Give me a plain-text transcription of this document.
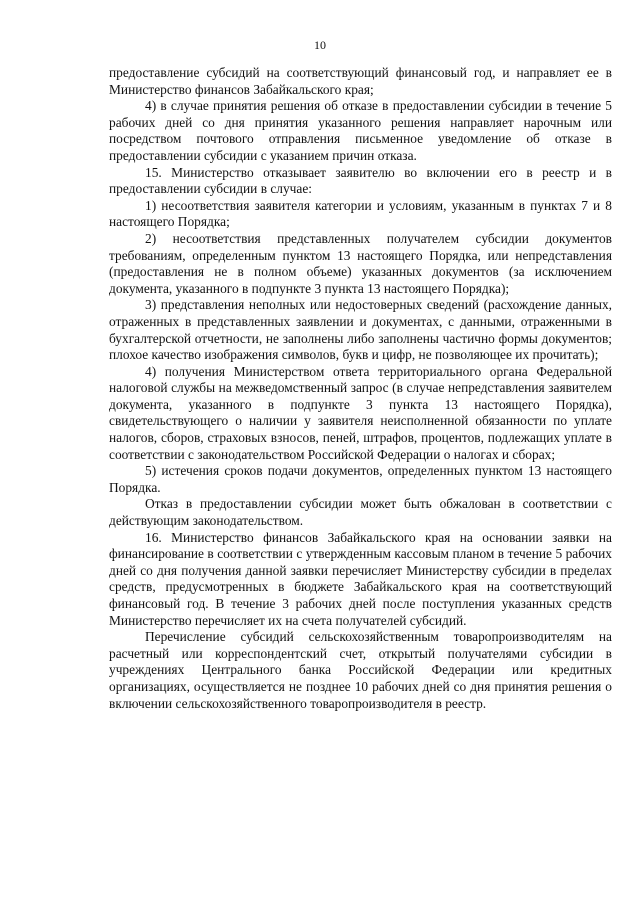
10

предоставление субсидий на соответствующий финансовый год, и направляет ее в Министерство финансов Забайкальского края;

4) в случае принятия решения об отказе в предоставлении субсидии в течение 5 рабочих дней со дня принятия указанного решения направляет нарочным или посредством почтового отправления письменное уведомление об отказе в предоставлении субсидии с указанием причин отказа.

15. Министерство отказывает заявителю во включении его в реестр и в предоставлении субсидии в случае:

1) несоответствия заявителя категории и условиям, указанным в пунктах 7 и 8 настоящего Порядка;

2) несоответствия представленных получателем субсидии документов требованиям, определенным пунктом 13 настоящего Порядка, или непредставления (предоставления не в полном объеме) указанных документов (за исключением документа, указанного в подпункте 3 пункта 13 настоящего Порядка);

3) представления неполных или недостоверных сведений (расхождение данных, отраженных в представленных заявлении и документах, с данными, отраженными в бухгалтерской отчетности, не заполнены либо заполнены частично формы документов; плохое качество изображения символов, букв и цифр, не позволяющее их прочитать);

4) получения Министерством ответа территориального органа Федеральной налоговой службы на межведомственный запрос (в случае непредставления заявителем документа, указанного в подпункте 3 пункта 13 настоящего Порядка), свидетельствующего о наличии у заявителя неисполненной обязанности по уплате налогов, сборов, страховых взносов, пеней, штрафов, процентов, подлежащих уплате в соответствии с законодательством Российской Федерации о налогах и сборах;

5) истечения сроков подачи документов, определенных пунктом 13 настоящего Порядка.

Отказ в предоставлении субсидии может быть обжалован в соответствии с действующим законодательством.

16. Министерство финансов Забайкальского края на основании заявки на финансирование в соответствии с утвержденным кассовым планом в течение 5 рабочих дней со дня получения данной заявки перечисляет Министерству субсидии в пределах средств, предусмотренных в бюджете Забайкальского края на соответствующий финансовый год. В течение 3 рабочих дней после поступления указанных средств Министерство перечисляет их на счета получателей субсидий.

Перечисление субсидий сельскохозяйственным товаропроизводителям на расчетный или корреспондентский счет, открытый получателями субсидии в учреждениях Центрального банка Российской Федерации или кредитных организациях, осуществляется не позднее 10 рабочих дней со дня принятия решения о включении сельскохозяйственного товаропроизводителя в реестр.
